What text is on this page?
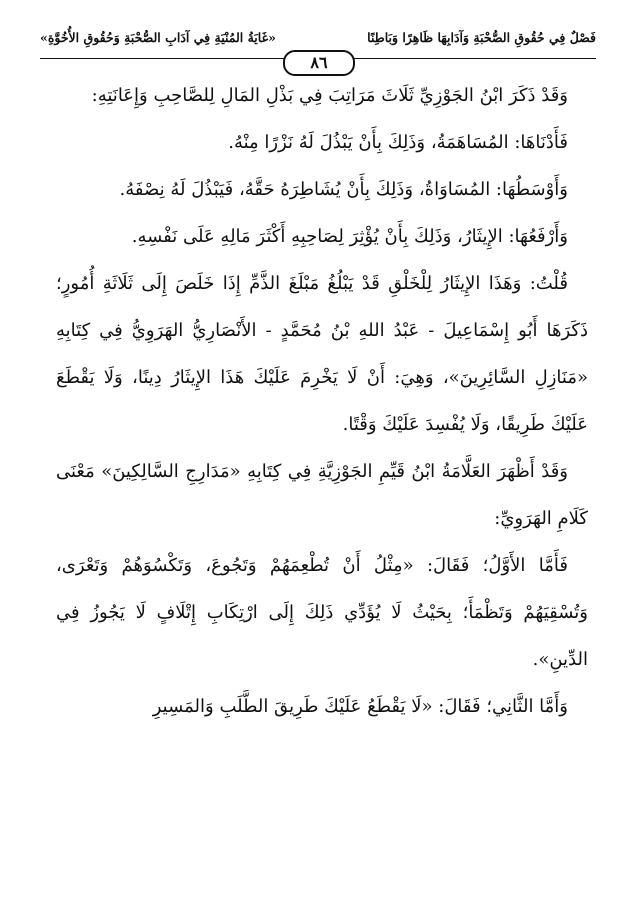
فَصْلٌ فِي حُقُوقِ الصُّحْبَةِ وَآدَابِهَا ظَاهِرًا وَبَاطِنًا
«غَايَةُ المُنْيَةِ فِي آدَابِ الصُّحْبَةِ وَحُقُوقِ الأُخُوَّةِ»
٨٦

وَقَدْ ذَكَرَ ابْنُ الجَوْزِيِّ ثَلَاثَ مَرَاتِبَ فِي بَذْلِ المَالِ لِلصَّاحِبِ وَإِعَانَتِهِ:

فَأَدْنَاهَا: المُسَاهَمَةُ، وَذَلِكَ بِأَنْ يَبْذُلَ لَهُ نَزْرًا مِنْهُ.

وَأَوْسَطُهَا: المُسَاوَاةُ، وَذَلِكَ بِأَنْ يُشَاطِرَهُ حَقَّهُ، فَيَبْذُلَ لَهُ نِصْفَهُ.

وَأَرْفَعُهَا: الإِيثَارُ، وَذَلِكَ بِأَنْ يُؤْثِرَ لِصَاحِبِهِ أَكْثَرَ مَالِهِ عَلَى نَفْسِهِ.

قُلْتُ: وَهَذَا الإِيثَارُ لِلْخَلْقِ قَدْ يَبْلُغُ مَبْلَغَ الذَّمِّ إِذَا خَلَصَ إِلَى ثَلَاثَةِ أُمُورٍ؛ ذَكَرَهَا أَبُو إِسْمَاعِيلَ - عَبْدُ اللهِ بْنُ مُحَمَّدٍ - الأَنْصَارِيُّ الهَرَوِيُّ فِي كِتَابِهِ «مَنَازِلِ السَّائِرِينَ»، وَهِيَ: أَنْ لَا يَخْرِمَ عَلَيْكَ هَذَا الإِيثَارُ دِينًا، وَلَا يَقْطَعَ عَلَيْكَ طَرِيقًا، وَلَا يُفْسِدَ عَلَيْكَ وَقْتًا.

وَقَدْ أَظْهَرَ العَلَّامَةُ ابْنُ قَيِّمِ الجَوْزِيَّةِ فِي كِتَابِهِ «مَدَارِجِ السَّالِكِينَ» مَعْنَى كَلَامِ الهَرَوِيِّ:

فَأَمَّا الأَوَّلُ؛ فَقَالَ: «مِثْلُ أَنْ تُطْعِمَهُمْ وَتَجُوعَ، وَتَكْسُوَهُمْ وَتَعْرَى، وَتُسْقِيَهُمْ وَتَظْمَأَ؛ بِحَيْثُ لَا يُؤَدِّي ذَلِكَ إِلَى ارْتِكَابِ إِتْلَافٍ لَا يَجُوزُ فِي الدِّينِ».

وَأَمَّا الثَّانِي؛ فَقَالَ: «لَا يَقْطَعُ عَلَيْكَ طَرِيقَ الطَّلَبِ وَالمَسِيرِ
